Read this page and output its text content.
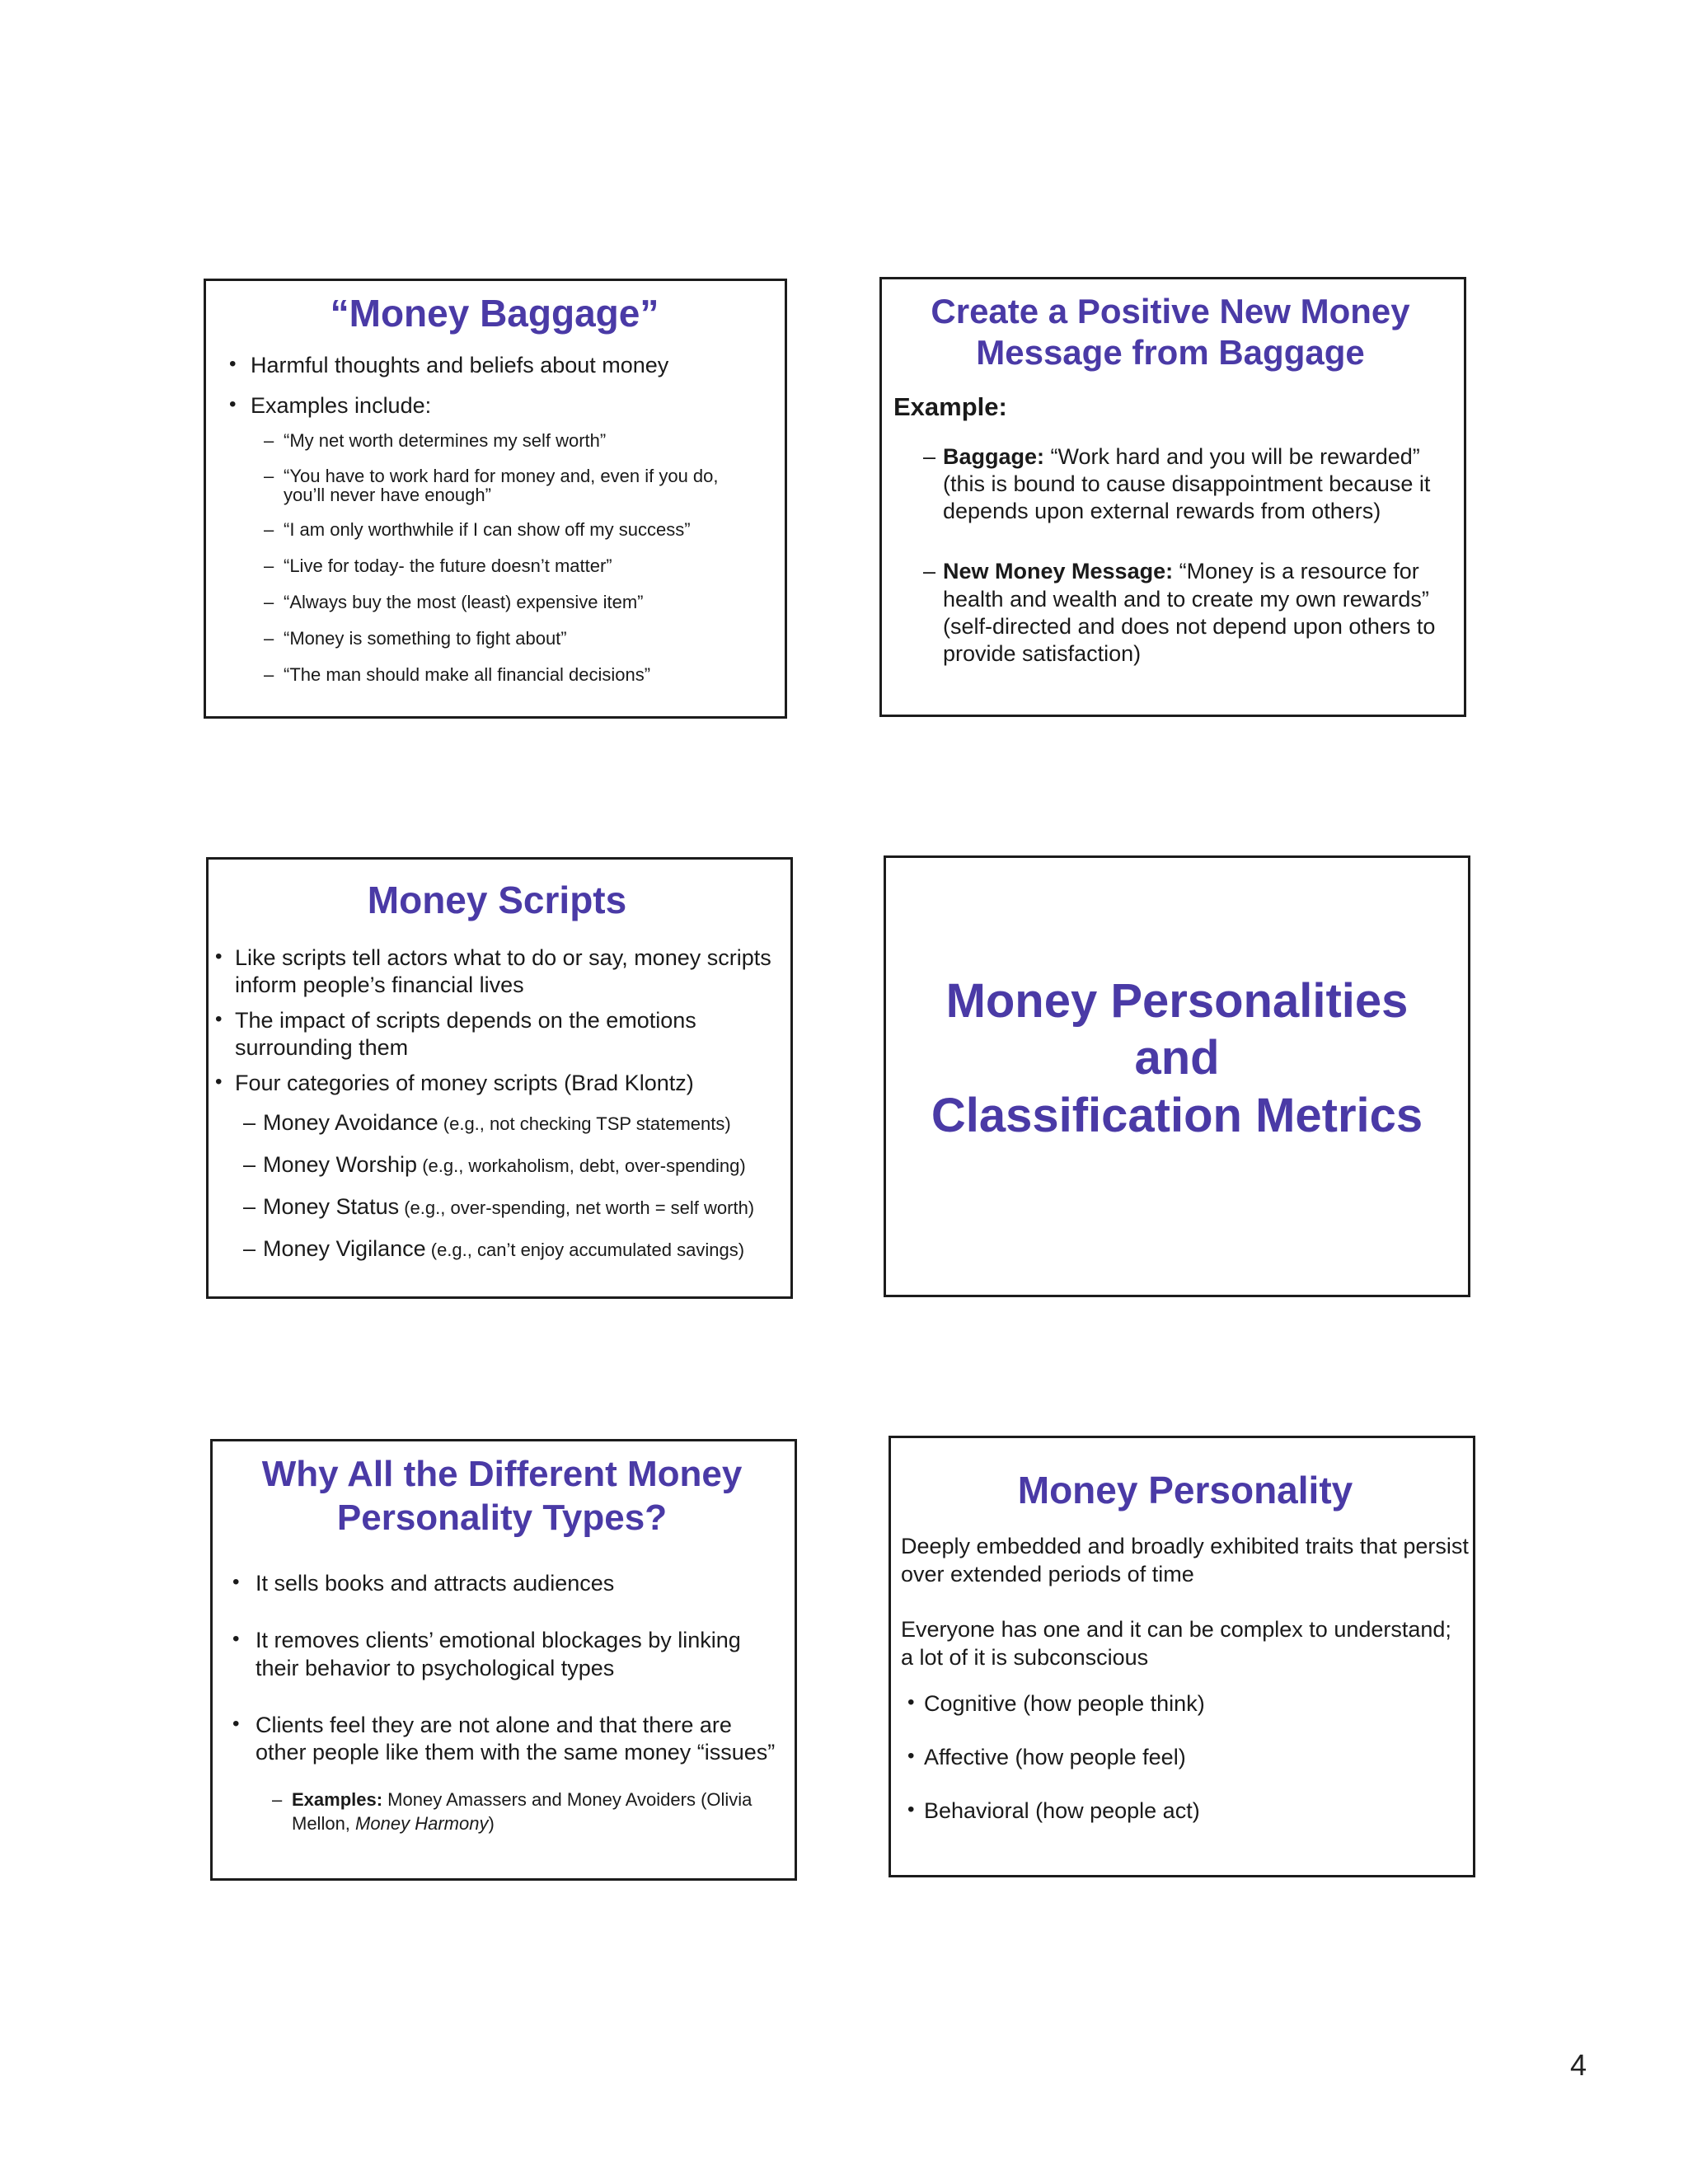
“Money Baggage”
• Harmful thoughts and beliefs about money
• Examples include:
– “My net worth determines my self worth”
– “You have to work hard for money and, even if you do, you’ll never have enough”
– “I am only worthwhile if I can show off my success”
– “Live for today- the future doesn’t matter”
– “Always buy the most (least) expensive item”
– “Money is something to fight about”
– “The man should make all financial decisions”
Create a Positive New Money Message from Baggage
Example:
– Baggage: “Work hard and you will be rewarded” (this is bound to cause disappointment because it depends upon external rewards from others)
– New Money Message: “Money is a resource for health and wealth and to create my own rewards” (self-directed and does not depend upon others to provide satisfaction)
Money Scripts
• Like scripts tell actors what to do or say, money scripts inform people’s financial lives
• The impact of scripts depends on the emotions surrounding them
• Four categories of money scripts (Brad Klontz)
– Money Avoidance (e.g., not checking TSP statements)
– Money Worship (e.g., workaholism, debt, over-spending)
– Money Status (e.g., over-spending, net worth = self worth)
– Money Vigilance (e.g., can’t enjoy accumulated savings)
Money Personalities
and
Classification Metrics
Why All the Different Money Personality Types?
• It sells books and attracts audiences
• It removes clients’ emotional blockages by linking their behavior to psychological types
• Clients feel they are not alone and that there are other people like them with the same money “issues”
– Examples: Money Amassers and Money Avoiders (Olivia Mellon, Money Harmony)
Money Personality

Deeply embedded and broadly exhibited traits that persist over extended periods of time

Everyone has one and it can be complex to understand; a lot of it is subconscious

• Cognitive (how people think)
• Affective (how people feel)
• Behavioral (how people act)
4
